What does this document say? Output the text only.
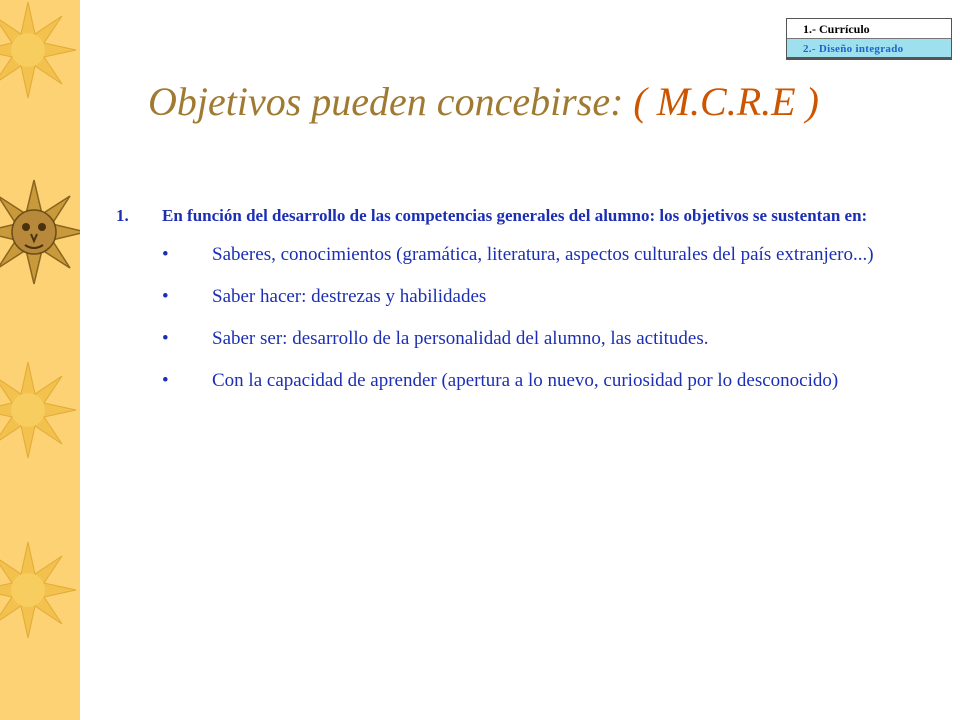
1.- Currículo
2.- Diseño integrado
Objetivos pueden concebirse: ( M.C.R.E )
1. En función del desarrollo de las competencias generales del alumno: los objetivos se sustentan en:
• Saberes, conocimientos (gramática, literatura, aspectos culturales del país extranjero...)
• Saber hacer: destrezas y habilidades
• Saber ser: desarrollo de la personalidad del alumno, las actitudes.
• Con la capacidad de aprender (apertura a lo nuevo, curiosidad por lo desconocido)
